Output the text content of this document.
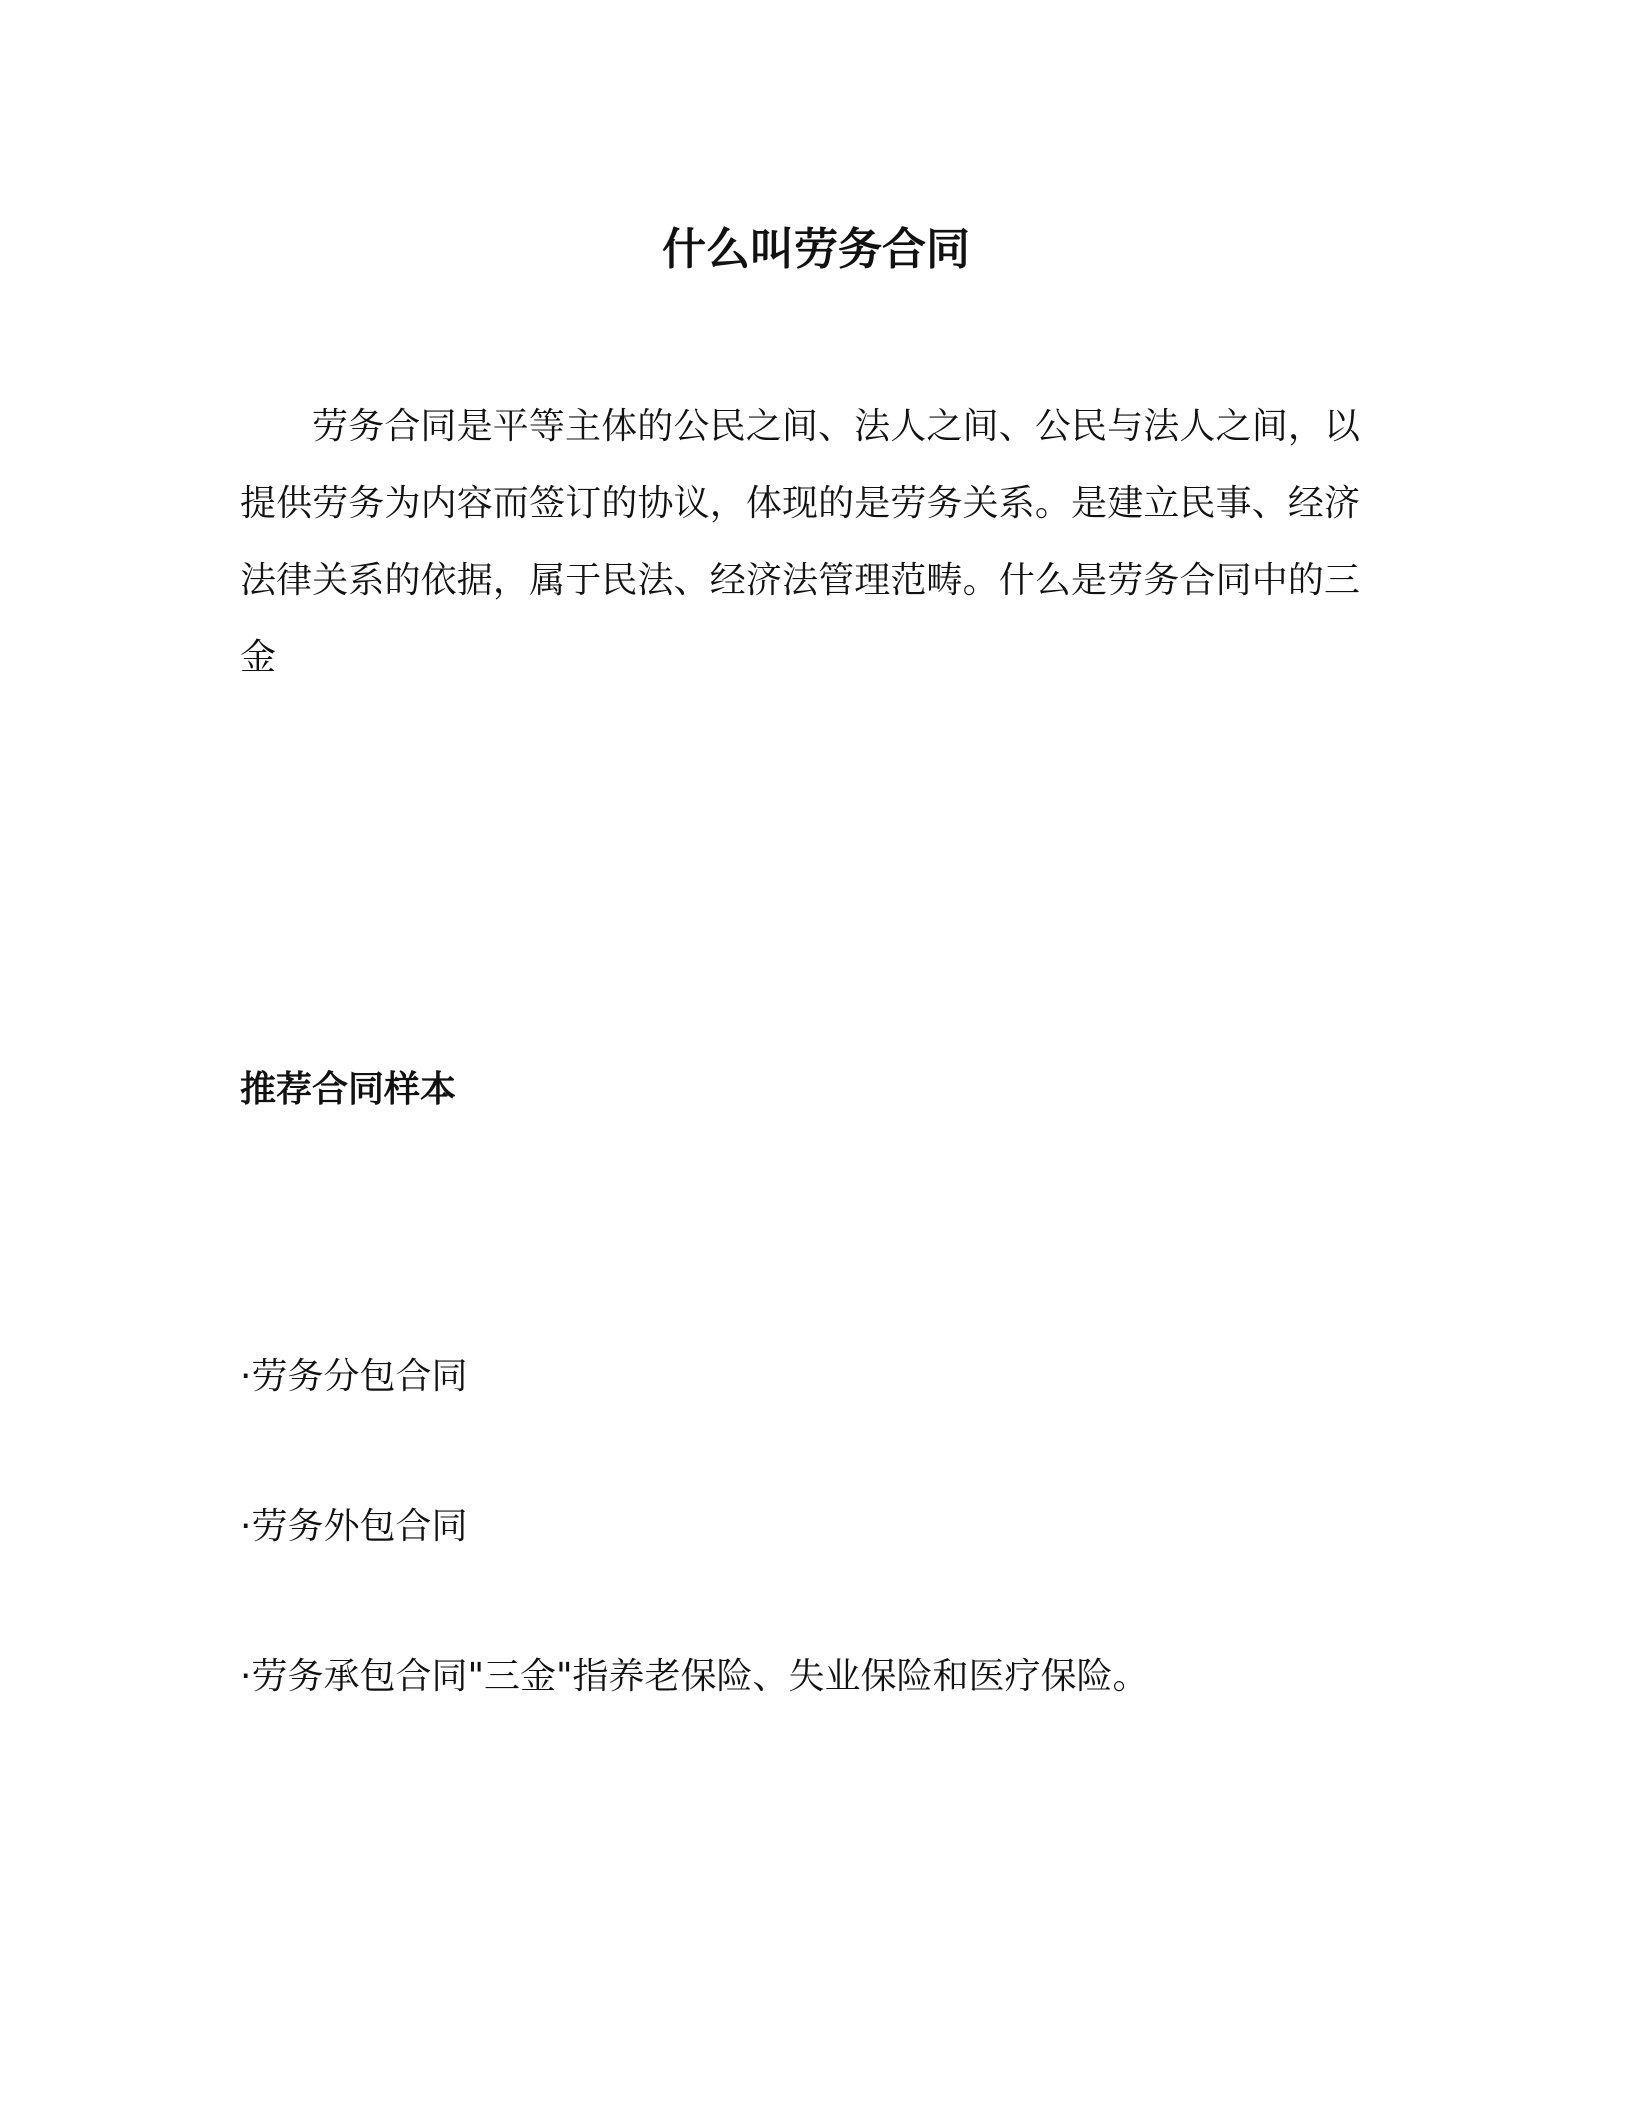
什么叫劳务合同

劳务合同是平等主体的公民之间、法人之间、公民与法人之间，以提供劳务为内容而签订的协议，体现的是劳务关系。是建立民事、经济法律关系的依据，属于民法、经济法管理范畴。什么是劳务合同中的三金

推荐合同样本
·劳务分包合同
·劳务外包合同
·劳务承包合同"三金"指养老保险、失业保险和医疗保险。
